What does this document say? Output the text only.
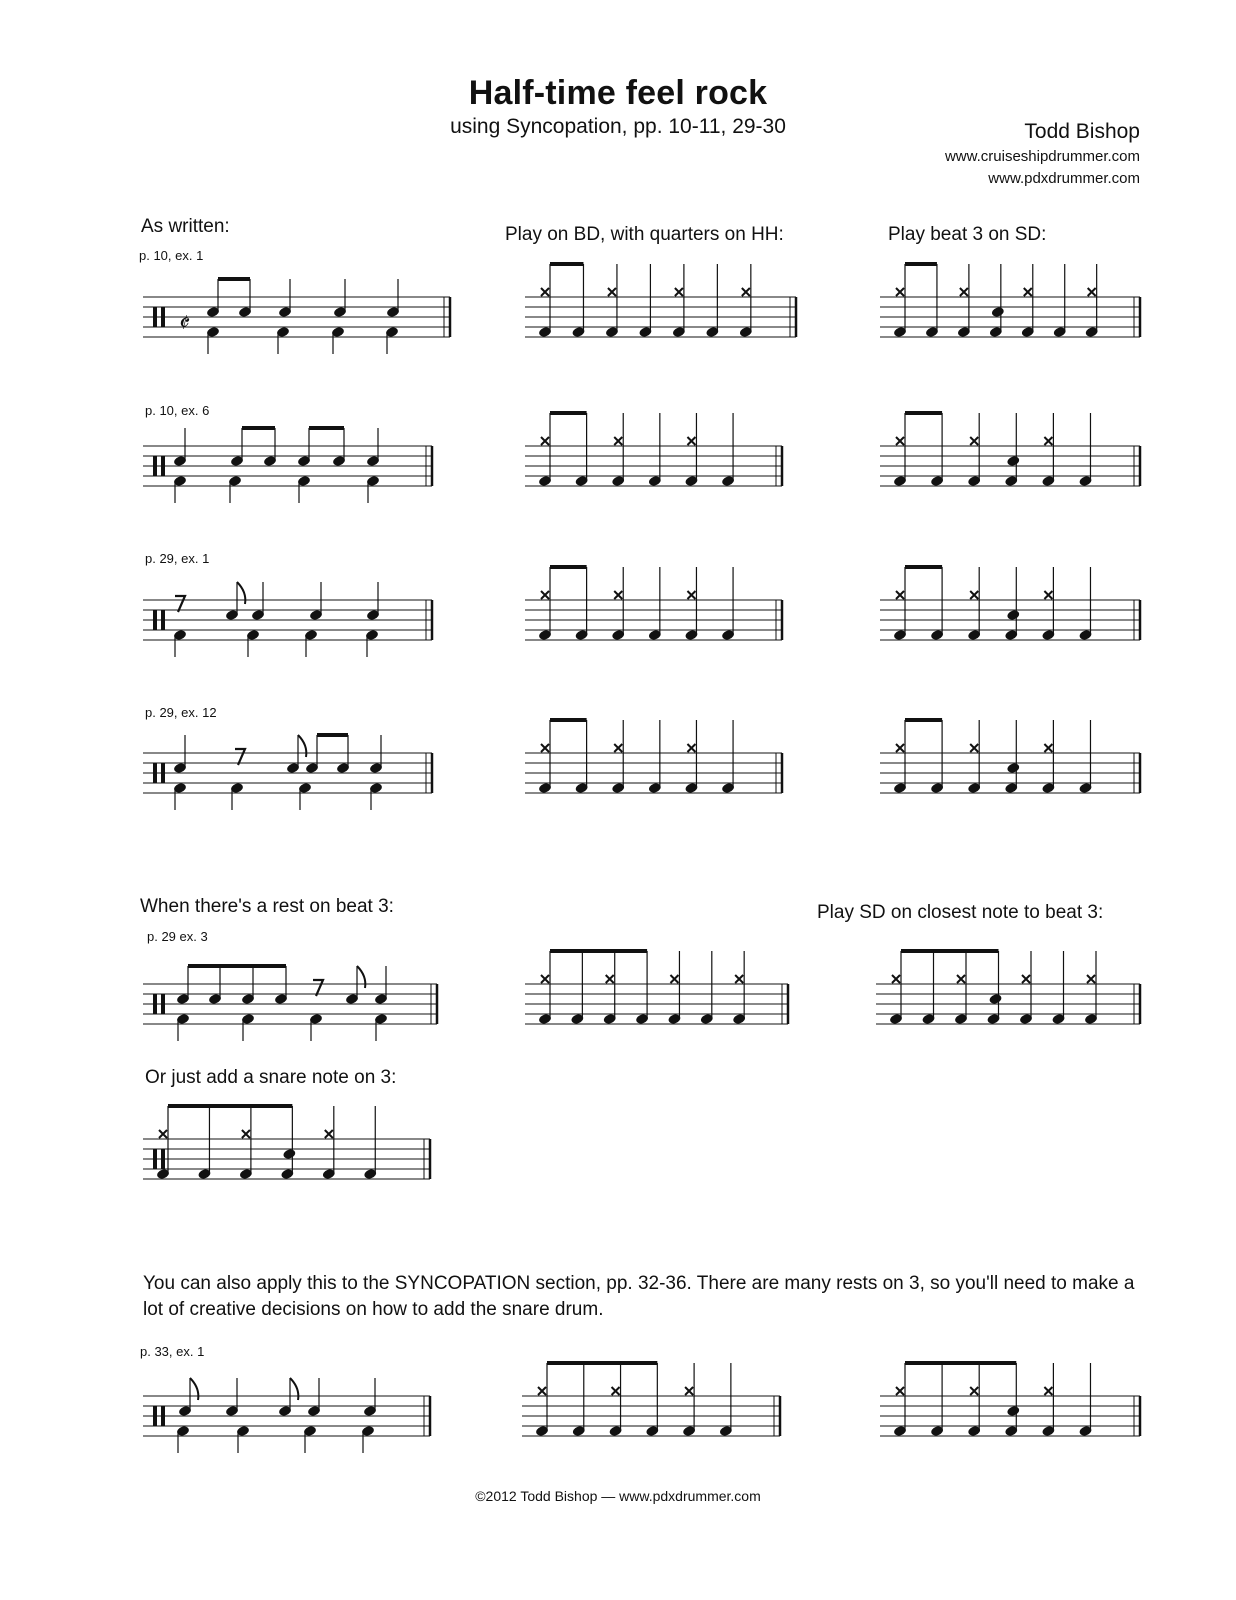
Half-time feel rock
using Syncopation, pp. 10-11, 29-30	Todd Bishop
www.cruiseshipdrummer.com
www.pdxdrummer.com
As written:	Play on BD, with quarters on HH:	Play beat 3 on SD:
p. 10, ex. 1
p. 10, ex. 6
p. 29, ex. 1
p. 29, ex. 12
When there's a rest on beat 3:	Play SD on closest note to beat 3:
p. 29 ex. 3
Or just add a snare note on 3:
You can also apply this to the SYNCOPATION section, pp. 32-36. There are many rests on 3, so you'll need to make a lot of creative decisions on how to add the snare drum.
p. 33, ex. 1
©2012 Todd Bishop — www.pdxdrummer.com
𝄵
